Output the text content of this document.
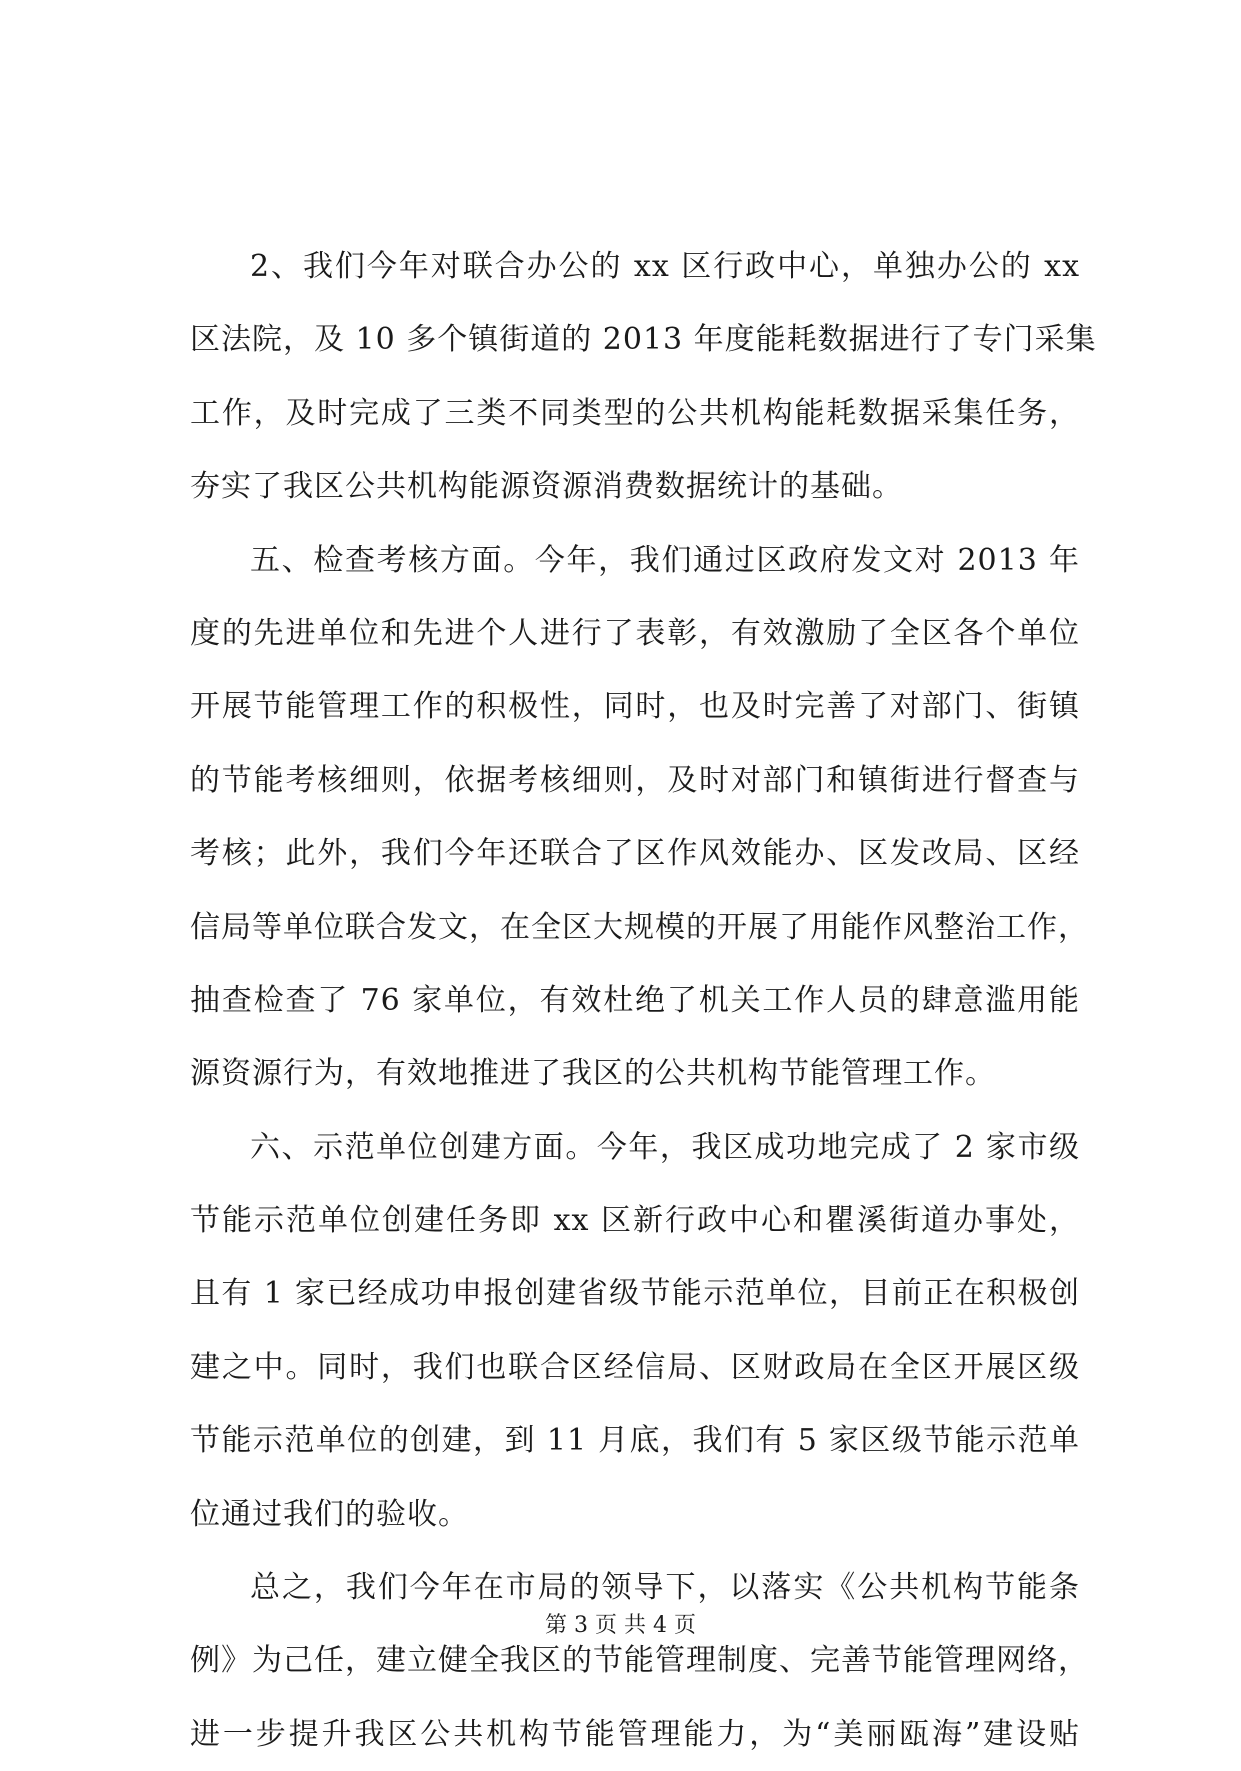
2、我们今年对联合办公的 xx 区行政中心，单独办公的 xx
区法院，及 10 多个镇街道的 2013 年度能耗数据进行了专门采集
工作，及时完成了三类不同类型的公共机构能耗数据采集任务，
夯实了我区公共机构能源资源消费数据统计的基础。
五、检查考核方面。今年，我们通过区政府发文对 2013 年
度的先进单位和先进个人进行了表彰，有效激励了全区各个单位
开展节能管理工作的积极性，同时，也及时完善了对部门、街镇
的节能考核细则，依据考核细则，及时对部门和镇街进行督查与
考核；此外，我们今年还联合了区作风效能办、区发改局、区经
信局等单位联合发文，在全区大规模的开展了用能作风整治工作，
抽查检查了 76 家单位，有效杜绝了机关工作人员的肆意滥用能
源资源行为，有效地推进了我区的公共机构节能管理工作。
六、示范单位创建方面。今年，我区成功地完成了 2 家市级
节能示范单位创建任务即 xx 区新行政中心和瞿溪街道办事处，
且有 1 家已经成功申报创建省级节能示范单位，目前正在积极创
建之中。同时，我们也联合区经信局、区财政局在全区开展区级
节能示范单位的创建，到 11 月底，我们有 5 家区级节能示范单
位通过我们的验收。
总之，我们今年在市局的领导下，以落实《公共机构节能条
例》为己任，建立健全我区的节能管理制度、完善节能管理网络，
进一步提升我区公共机构节能管理能力，为“美丽瓯海”建设贴
第 3 页 共 4 页
